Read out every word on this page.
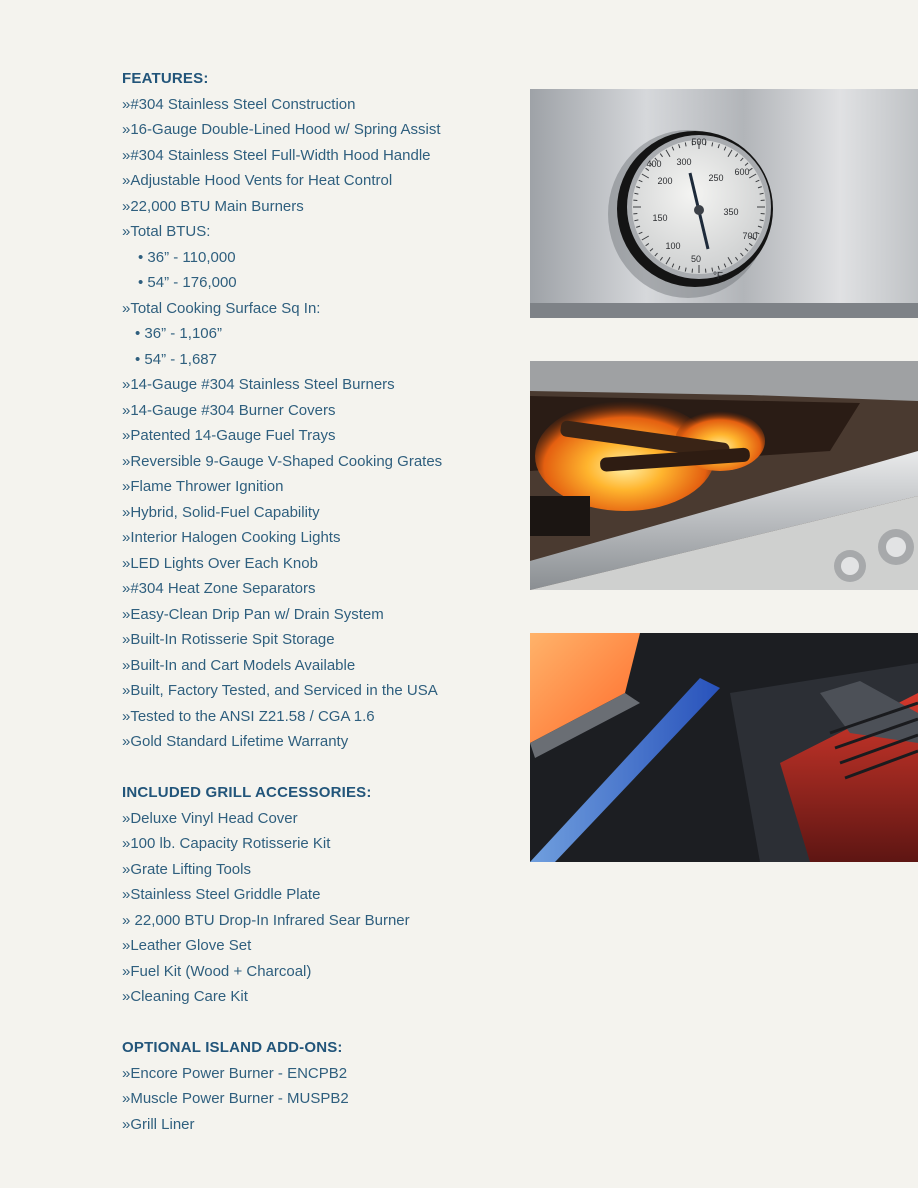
FEATURES:
»#304 Stainless Steel Construction
»16-Gauge Double-Lined Hood w/ Spring Assist
»#304 Stainless Steel Full-Width Hood Handle
»Adjustable Hood Vents for Heat Control
»22,000 BTU Main Burners
»Total BTUS:
• 36” - 110,000
• 54” - 176,000
»Total Cooking Surface Sq In:
• 36” - 1,106”
• 54” - 1,687
»14-Gauge #304 Stainless Steel Burners
»14-Gauge #304 Burner Covers
»Patented 14-Gauge Fuel Trays
»Reversible 9-Gauge V-Shaped Cooking Grates
»Flame Thrower Ignition
»Hybrid, Solid-Fuel Capability
»Interior Halogen Cooking Lights
»LED Lights Over Each Knob
»#304 Heat Zone Separators
»Easy-Clean Drip Pan w/ Drain System
»Built-In Rotisserie Spit Storage
»Built-In and Cart Models Available
»Built, Factory Tested, and Serviced in the USA
»Tested to the ANSI Z21.58 / CGA 1.6
»Gold Standard Lifetime Warranty
INCLUDED GRILL ACCESSORIES:
»Deluxe Vinyl Head Cover
»100 lb. Capacity Rotisserie Kit
»Grate Lifting Tools
»Stainless Steel Griddle Plate
» 22,000 BTU Drop-In Infrared Sear Burner
»Leather Glove Set
»Fuel Kit (Wood + Charcoal)
»Cleaning Care Kit
OPTIONAL ISLAND ADD-ONS:
»Encore Power Burner - ENCPB2
»Muscle Power Burner - MUSPB2
»Grill Liner
500
400 300
200
600
150
700
100
50
350
250
°F
